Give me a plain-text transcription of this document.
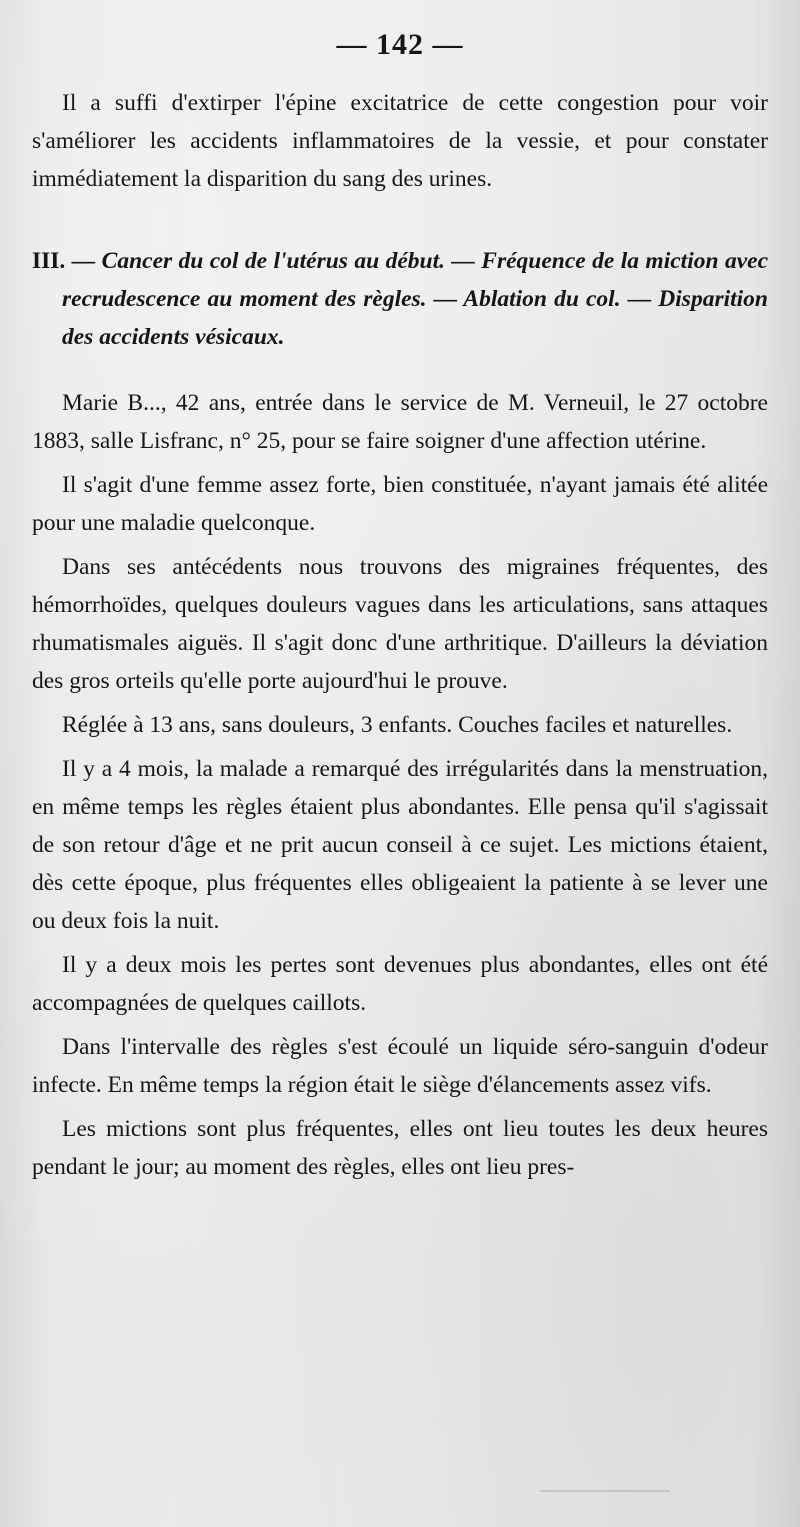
— 142 —

Il a suffi d'extirper l'épine excitatrice de cette congestion pour voir s'améliorer les accidents inflammatoires de la vessie, et pour constater immédiatement la disparition du sang des urines.

III. — Cancer du col de l'utérus au début. — Fréquence de la miction avec recrudescence au moment des règles. — Ablation du col. — Disparition des accidents vésicaux.

Marie B..., 42 ans, entrée dans le service de M. Verneuil, le 27 octobre 1883, salle Lisfranc, n° 25, pour se faire soigner d'une affection utérine.

Il s'agit d'une femme assez forte, bien constituée, n'ayant jamais été alitée pour une maladie quelconque.

Dans ses antécédents nous trouvons des migraines fréquentes, des hémorrhoïdes, quelques douleurs vagues dans les articulations, sans attaques rhumatismales aiguës. Il s'agit donc d'une arthritique. D'ailleurs la déviation des gros orteils qu'elle porte aujourd'hui le prouve.

Réglée à 13 ans, sans douleurs, 3 enfants. Couches faciles et naturelles.

Il y a 4 mois, la malade a remarqué des irrégularités dans la menstruation, en même temps les règles étaient plus abondantes. Elle pensa qu'il s'agissait de son retour d'âge et ne prit aucun conseil à ce sujet. Les mictions étaient, dès cette époque, plus fréquentes elles obligeaient la patiente à se lever une ou deux fois la nuit.

Il y a deux mois les pertes sont devenues plus abondantes, elles ont été accompagnées de quelques caillots.

Dans l'intervalle des règles s'est écoulé un liquide séro-sanguin d'odeur infecte. En même temps la région était le siège d'élancements assez vifs.

Les mictions sont plus fréquentes, elles ont lieu toutes les deux heures pendant le jour; au moment des règles, elles ont lieu pres-
